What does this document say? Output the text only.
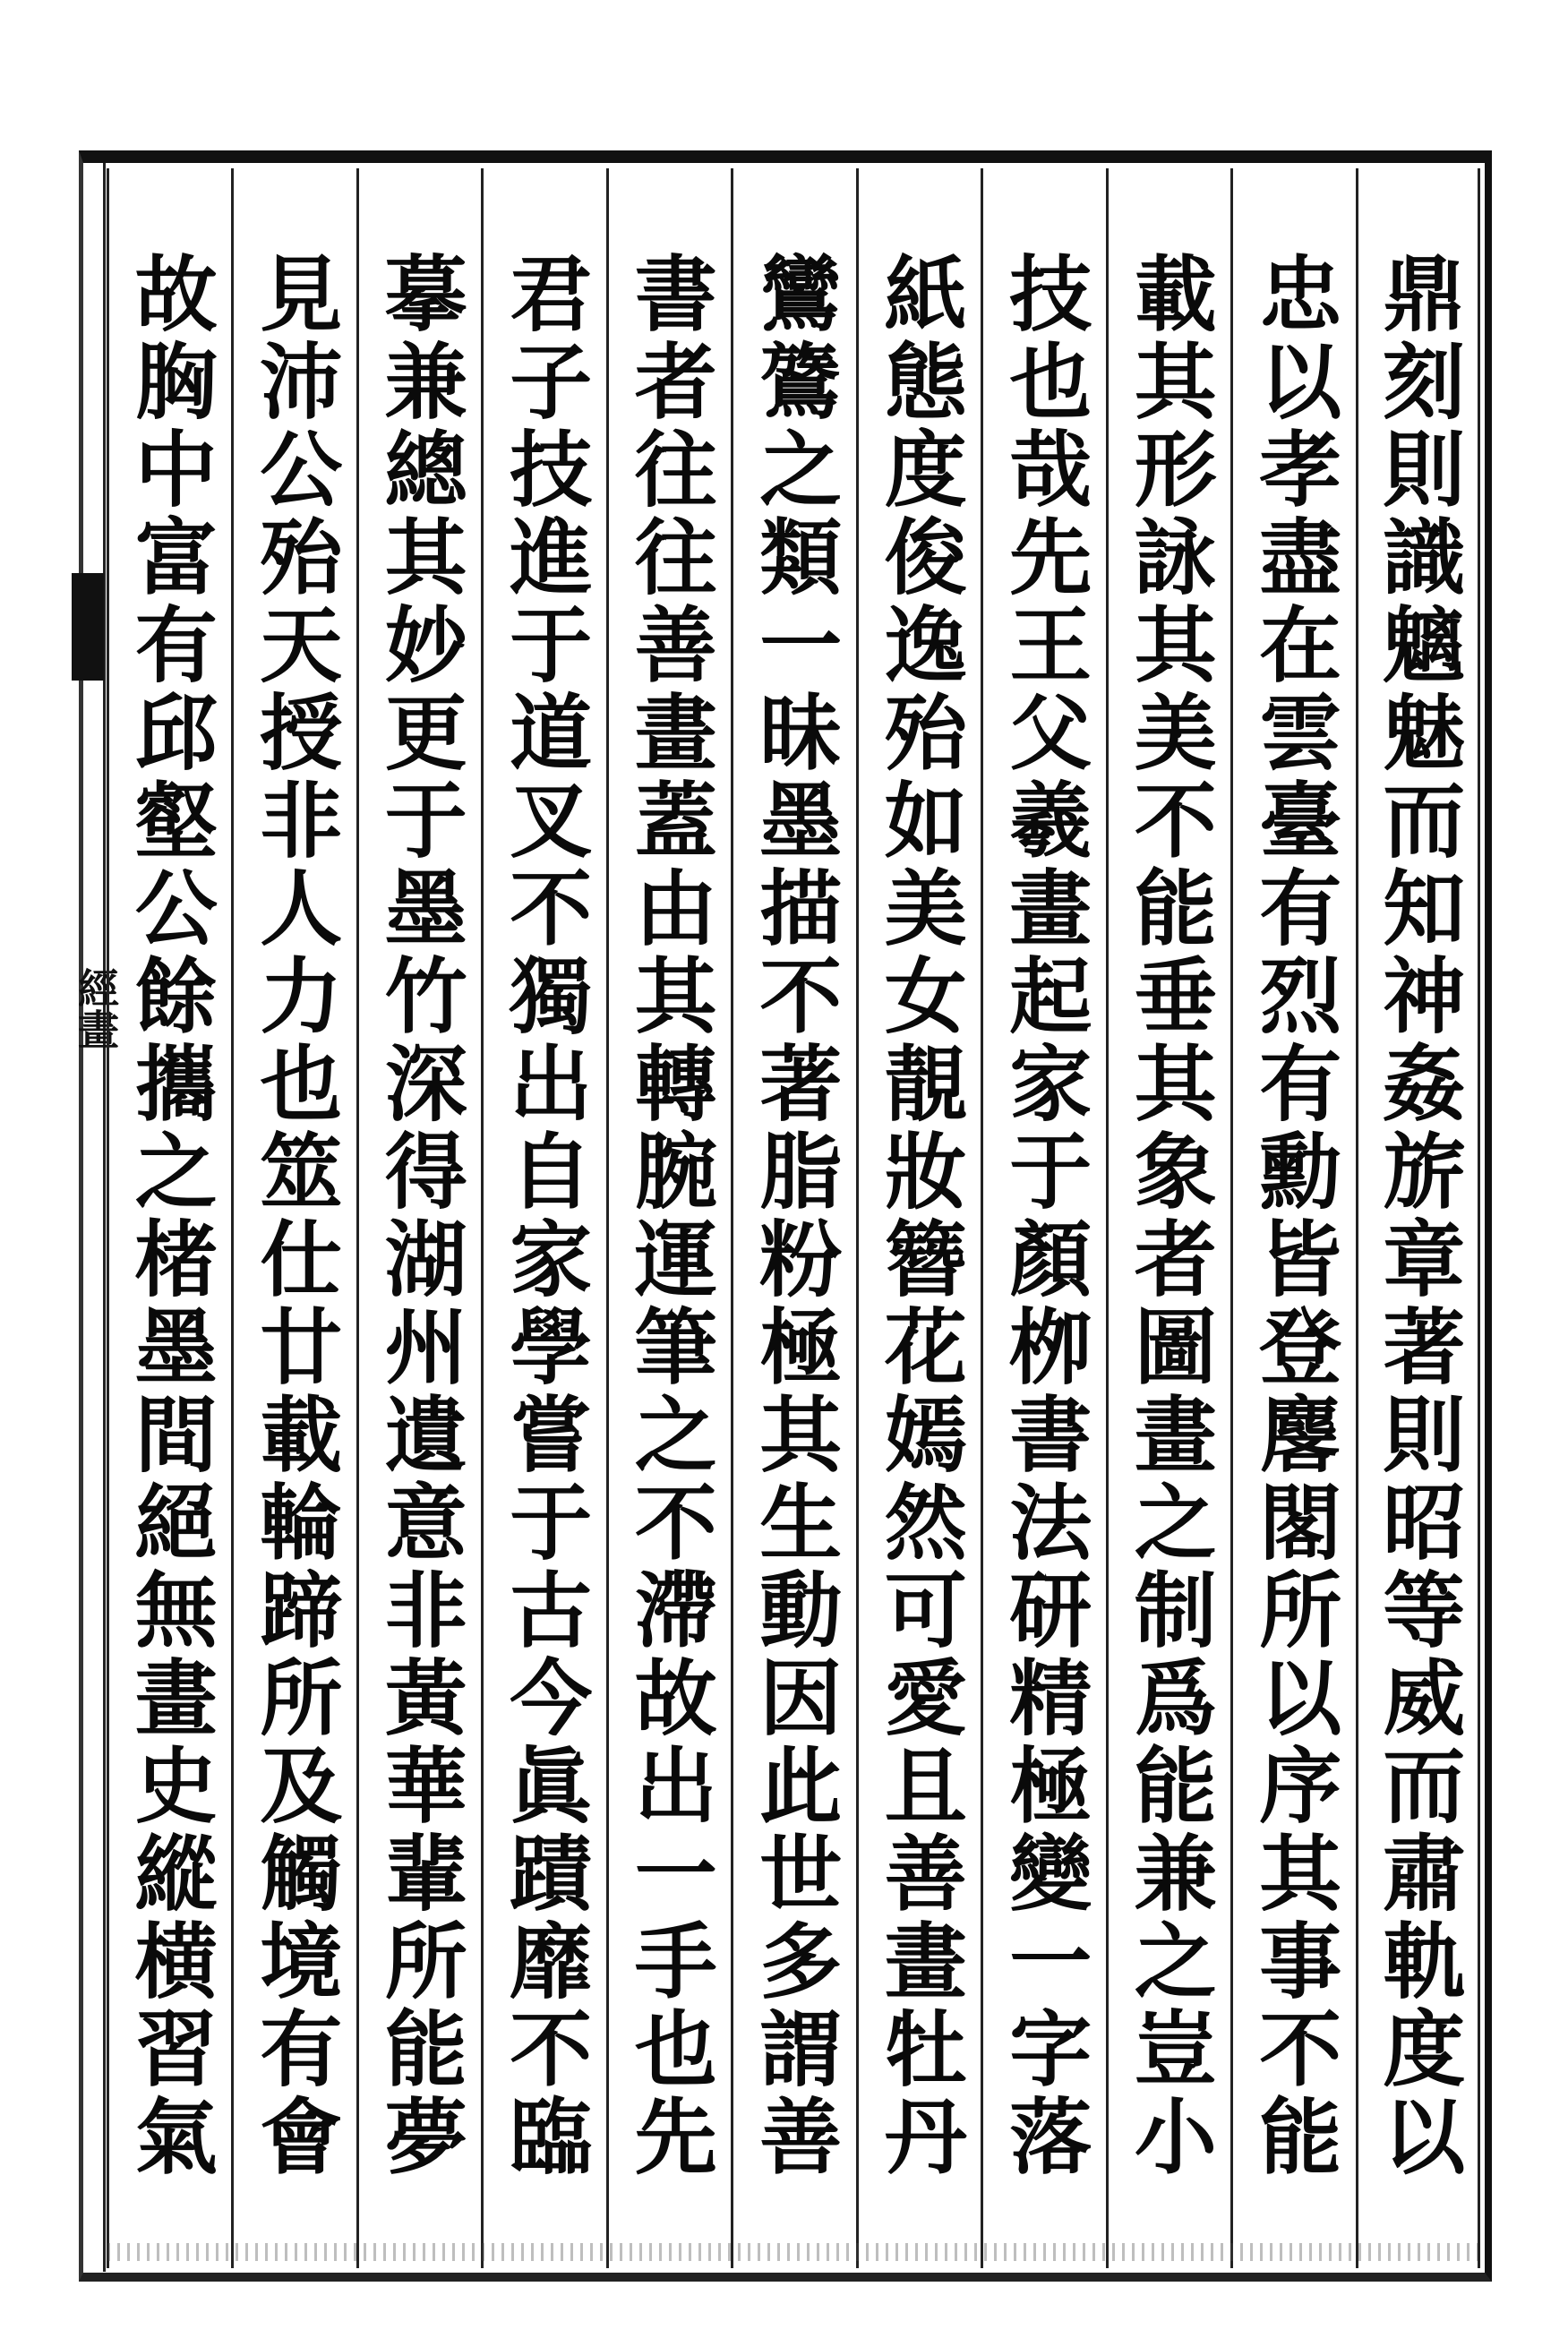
經畫	鼎刻則識魑魅而知神姦旂章著則昭等威而肅軌度以
忠以孝盡在雲臺有烈有勳皆登麐閣所以序其事不能
載其形詠其美不能垂其象者圖畫之制爲能兼之豈小
技也哉先王父羲畫起家于顏栁書法研精極變一字落
紙態度俊逸殆如美女靚妝簪花嫣然可愛且善畫牡丹
鸞鷟之類一昧墨描不著脂粉極其生動因此世多謂善
書者往往善畫蓋由其轉腕運筆之不滯故出一手也先
君子技進于道叉不獨出自家學嘗于古今眞蹟靡不臨
摹兼總其妙更于墨竹深得湖州遺意非黃華輩所能夢
見沛公殆天授非人力也筮仕廿載輪蹄所及觸境有會
故胸中富有邱壑公餘攜之楮墨間絕無畫史縱横習氣
